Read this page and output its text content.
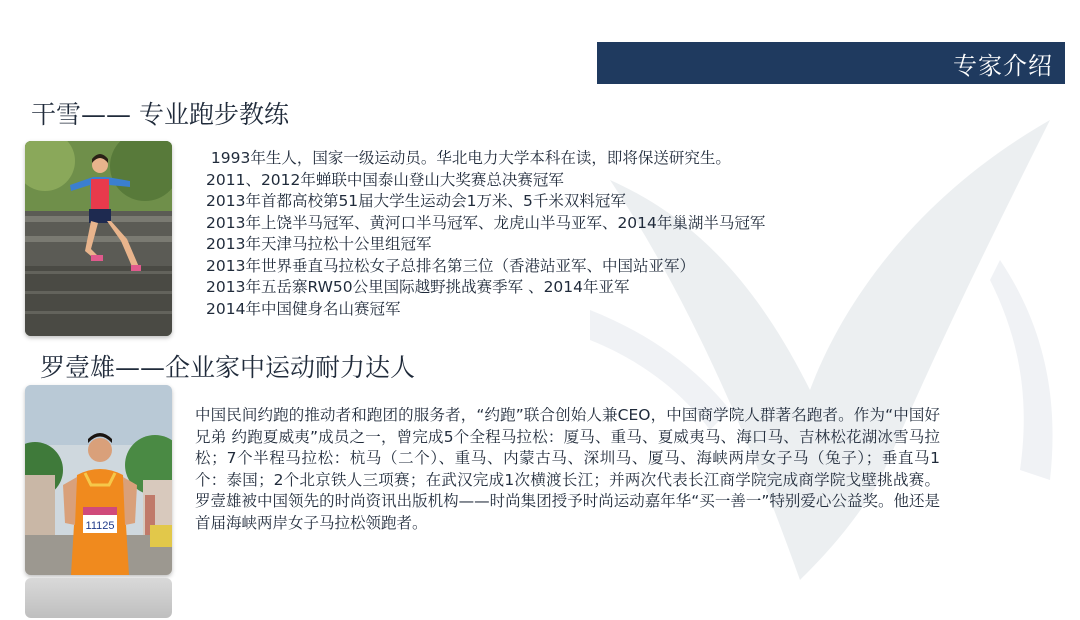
专家介绍
干雪—— 专业跑步教练
1993年生人，国家一级运动员。华北电力大学本科在读，即将保送研究生。
2011、2012年蝉联中国泰山登山大奖赛总决赛冠军
2013年首都高校第51届大学生运动会1万米、5千米双料冠军
2013年上饶半马冠军、黄河口半马冠军、龙虎山半马亚军、2014年巢湖半马冠军
2013年天津马拉松十公里组冠军
2013年世界垂直马拉松女子总排名第三位（香港站亚军、中国站亚军）
2013年五岳寨RW50公里国际越野挑战赛季军 、2014年亚军
2014年中国健身名山赛冠军
罗壹雄——企业家中运动耐力达人
11125
中国民间约跑的推动者和跑团的服务者，“约跑”联合创始人兼CEO，中国商学院人群著名跑者。作为“中国好兄弟 约跑夏威夷”成员之一，曾完成5个全程马拉松：厦马、重马、夏威夷马、海口马、吉林松花湖冰雪马拉松；7个半程马拉松：杭马（二个）、重马、内蒙古马、深圳马、厦马、海峡两岸女子马（兔子）；垂直马1个：泰国；2个北京铁人三项赛；在武汉完成1次横渡长江；并两次代表长江商学院完成商学院戈壁挑战赛。罗壹雄被中国领先的时尚资讯出版机构——时尚集团授予时尚运动嘉年华“买一善一”特别爱心公益奖。他还是首届海峡两岸女子马拉松领跑者。
